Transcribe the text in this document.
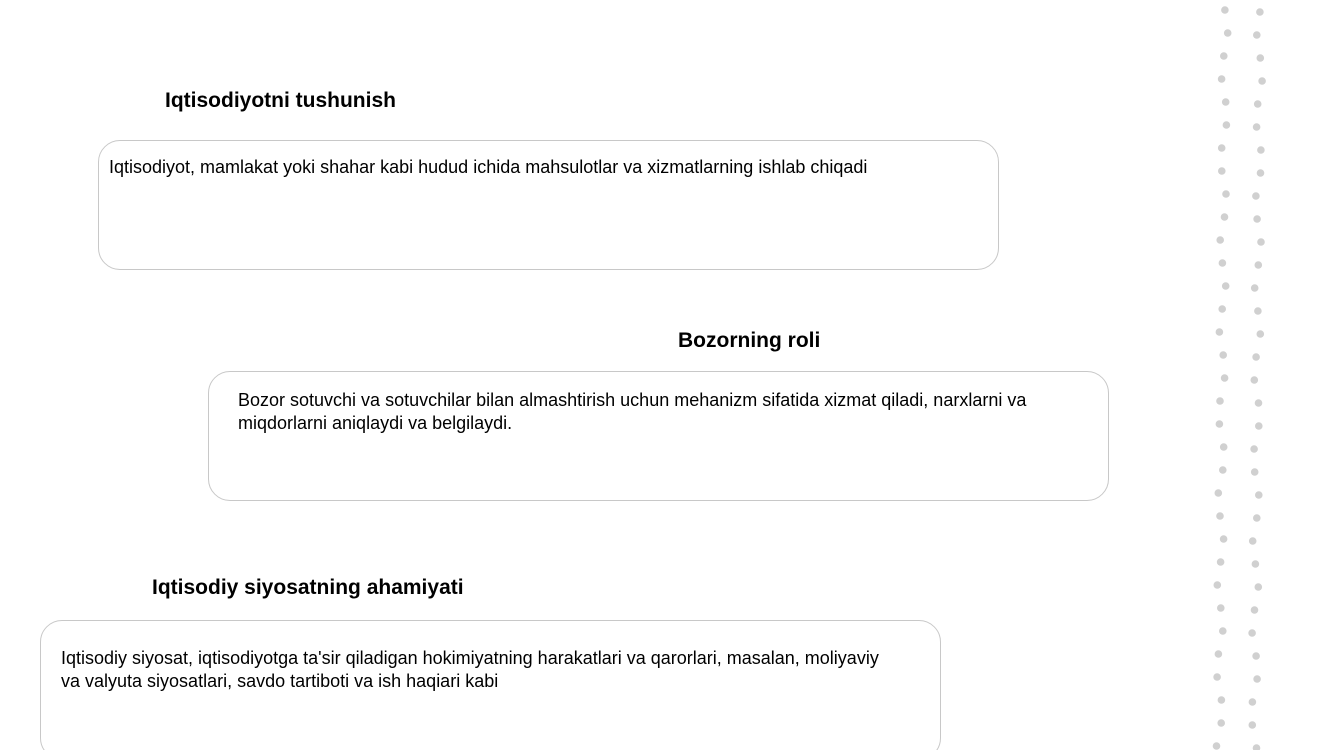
Iqtisodiyotni tushunish
Iqtisodiyot, mamlakat yoki shahar kabi hudud ichida mahsulotlar va xizmatlarning ishlab chiqadi
Bozorning roli
Bozor sotuvchi va sotuvchilar bilan almashtirish uchun mehanizm sifatida xizmat qiladi, narxlarni va miqdorlarni aniqlaydi va belgilaydi.
Iqtisodiy siyosatning ahamiyati
Iqtisodiy siyosat, iqtisodiyotga ta'sir qiladigan hokimiyatning harakatlari va qarorlari, masalan, moliyaviy va valyuta siyosatlari, savdo tartiboti va ish haqiari kabi
